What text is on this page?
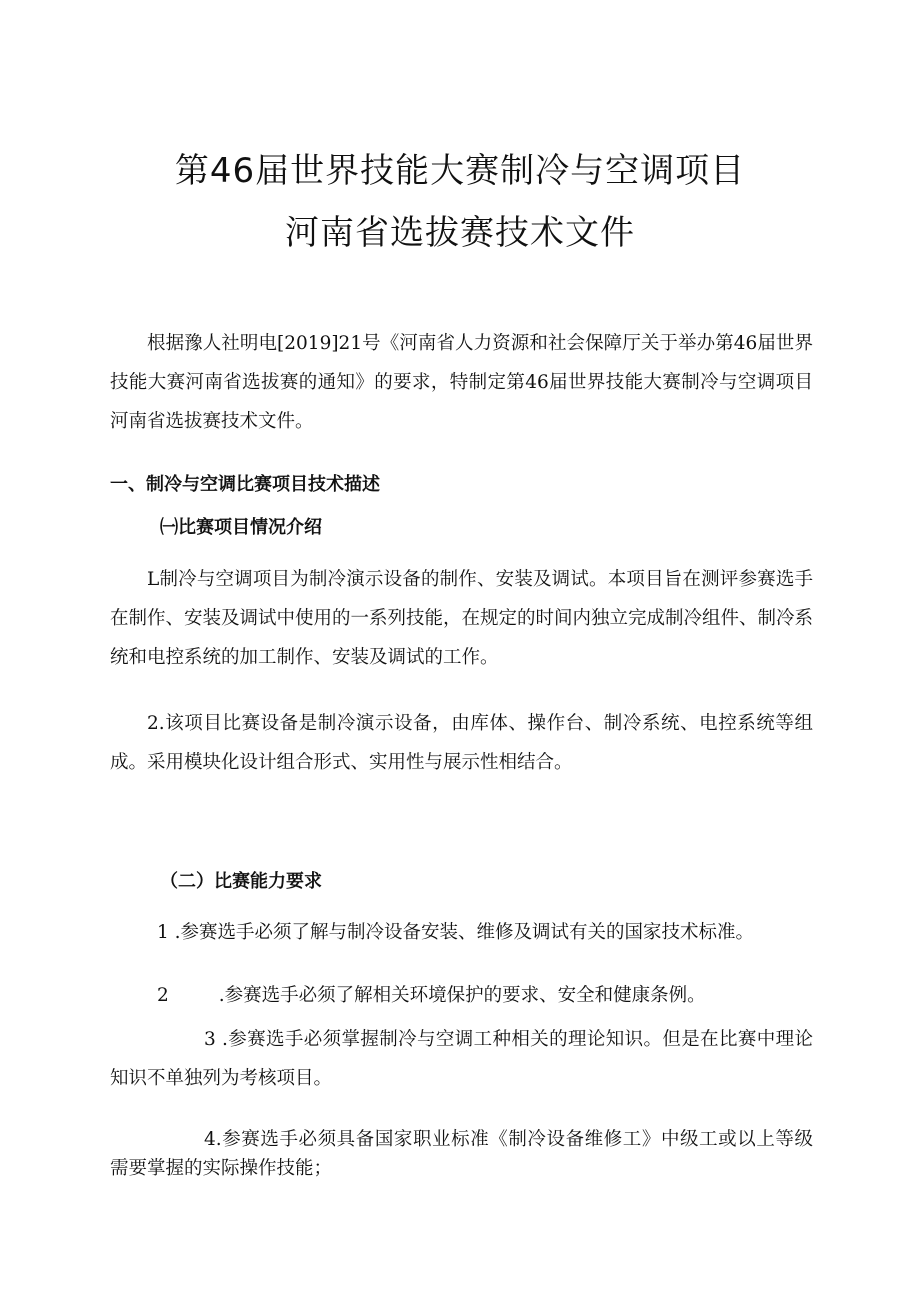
第46届世界技能大赛制冷与空调项目
河南省选拔赛技术文件

根据豫人社明电[2019]21号《河南省人力资源和社会保障厅关于举办第46届世界技能大赛河南省选拔赛的通知》的要求，特制定第46届世界技能大赛制冷与空调项目河南省选拔赛技术文件。

一、制冷与空调比赛项目技术描述

㈠比赛项目情况介绍

L制冷与空调项目为制冷演示设备的制作、安装及调试。本项目旨在测评参赛选手在制作、安装及调试中使用的一系列技能，在规定的时间内独立完成制冷组件、制冷系统和电控系统的加工制作、安装及调试的工作。

2.该项目比赛设备是制冷演示设备，由库体、操作台、制冷系统、电控系统等组成。采用模块化设计组合形式、实用性与展示性相结合。

（二）比赛能力要求

1 .参赛选手必须了解与制冷设备安装、维修及调试有关的国家技术标准。

2	.参赛选手必须了解相关环境保护的要求、安全和健康条例。

3 .参赛选手必须掌握制冷与空调工种相关的理论知识。但是在比赛中理论知识不单独列为考核项目。

4.参赛选手必须具备国家职业标准《制冷设备维修工》中级工或以上等级需要掌握的实际操作技能；
